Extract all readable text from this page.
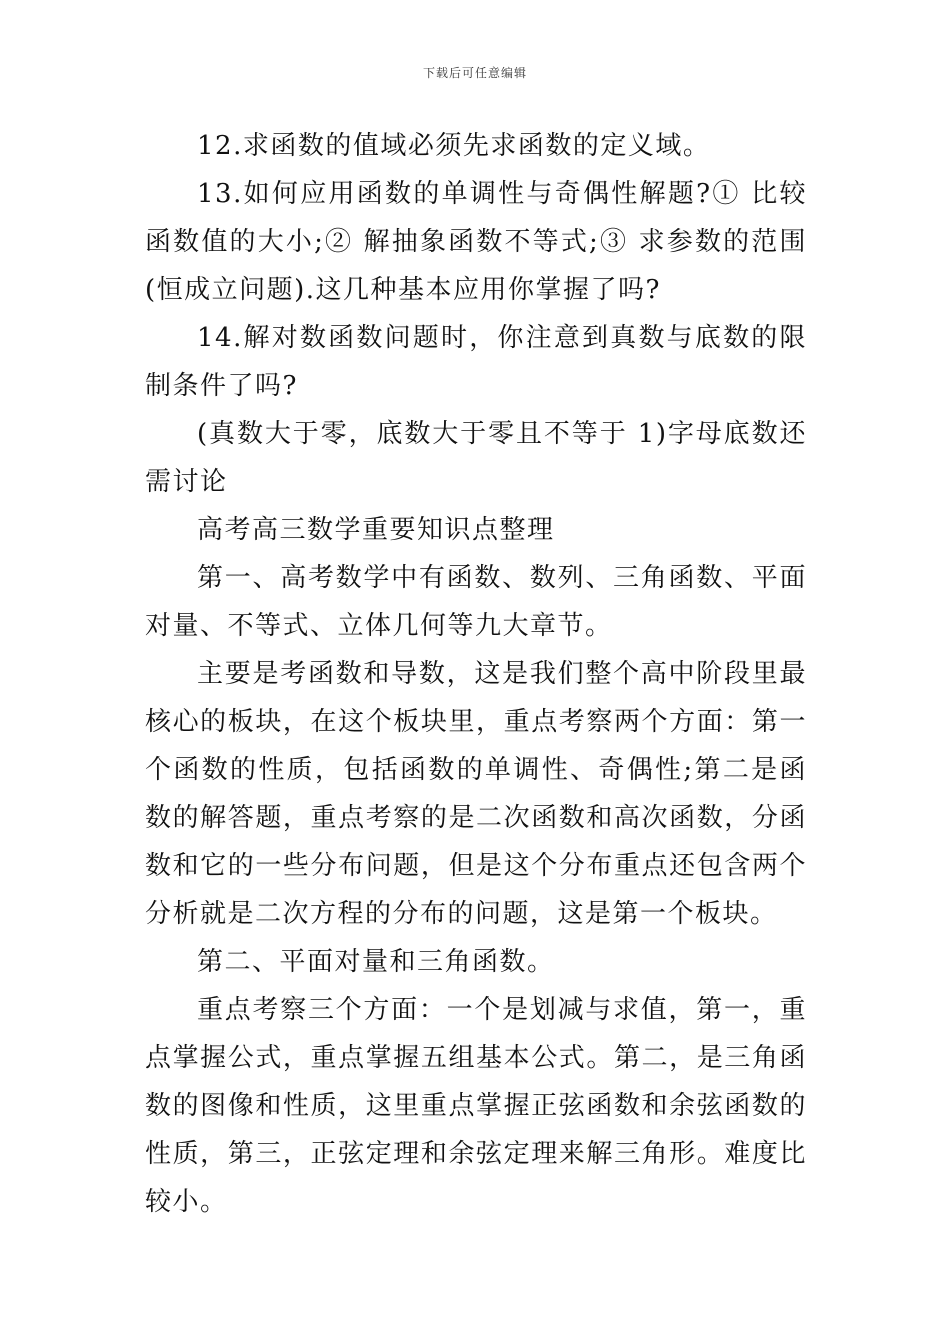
下载后可任意编辑

12.求函数的值域必须先求函数的定义域。

13.如何应用函数的单调性与奇偶性解题?① 比较函数值的大小;② 解抽象函数不等式;③ 求参数的范围(恒成立问题).这几种基本应用你掌握了吗?

14.解对数函数问题时，你注意到真数与底数的限制条件了吗?

(真数大于零，底数大于零且不等于 1)字母底数还需讨论

高考高三数学重要知识点整理

第一、高考数学中有函数、数列、三角函数、平面对量、不等式、立体几何等九大章节。

主要是考函数和导数，这是我们整个高中阶段里最核心的板块，在这个板块里，重点考察两个方面：第一个函数的性质，包括函数的单调性、奇偶性;第二是函数的解答题，重点考察的是二次函数和高次函数，分函数和它的一些分布问题，但是这个分布重点还包含两个分析就是二次方程的分布的问题，这是第一个板块。

第二、平面对量和三角函数。

重点考察三个方面：一个是划减与求值，第一，重点掌握公式，重点掌握五组基本公式。第二，是三角函数的图像和性质，这里重点掌握正弦函数和余弦函数的性质，第三，正弦定理和余弦定理来解三角形。难度比较小。
